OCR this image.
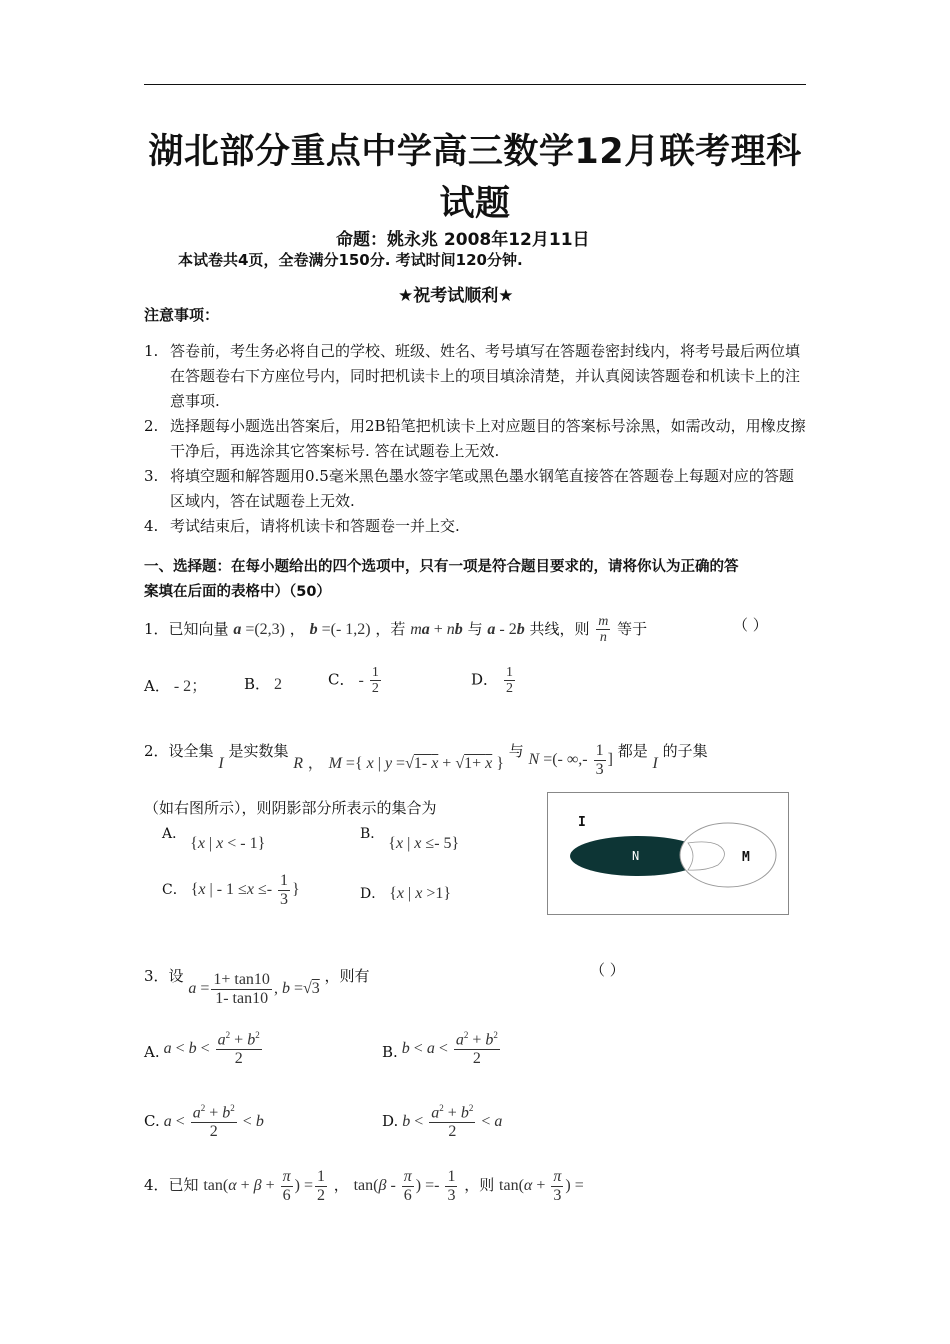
湖北部分重点中学高三数学12月联考理科
试题
命题：姚永兆 2008年12月11日
本试卷共4页，全卷满分150分. 考试时间120分钟.
★祝考试顺利★
注意事项：
1. 答卷前，考生务必将自己的学校、班级、姓名、考号填写在答题卷密封线内，将考号最后两位填在答题卷右下方座位号内，同时把机读卡上的项目填涂清楚，并认真阅读答题卷和机读卡上的注意事项.
2. 选择题每小题选出答案后，用2B铅笔把机读卡上对应题目的答案标号涂黑，如需改动，用橡皮擦干净后，再选涂其它答案标号. 答在试题卷上无效.
3. 将填空题和解答题用0.5毫米黑色墨水签字笔或黑色墨水钢笔直接答在答题卷上每题对应的答题区域内，答在试题卷上无效.
4. 考试结束后，请将机读卡和答题卷一并上交.
一、选择题：在每小题给出的四个选项中，只有一项是符合题目要求的，请将你认为正确的答
案填在后面的表格中）（50）
1．已知向量 a =(2,3) ， b =(- 1,2) ，若 ma + nb 与 a - 2b 共线，则 $\frac{m}{n}$ 等于	（ ）
A． - 2； B． 2	C． - $\frac{1}{2}$	D． $\frac{1}{2}$
2．设全集 I 是实数集 R ， M ={ x | y =√1- x + √1+ x } 与 N =(- ∞,- $\frac{1}{3}$ ] 都是 I 的子集
（如右图所示），则阴影部分所表示的集合为
A． {x | x < - 1}
B． {x | x ≤- 5}
C． {x | - $1 \le x \le- \frac{1}{3}$ }	D． {x | x >1}
I
N	M
3．设 $a = \frac{1+ \tan 10}{1- \tan 10}$ , b =√3 ，则有	（ ）
A. $a < b < \frac{a^2 + b^2}{2}$	B. $b < a < \frac{a^2 + b^2}{2}$
C. $a < \frac{a^2 + b^2}{2} < b$	D. $b < \frac{a^2 + b^2}{2} < a$
4．已知 $\tan(\alpha + \beta + \frac{\pi}{6}$ ) = $\frac{1}{2}$ ， $\tan(\beta - \frac{\pi}{6}$ ) =- $\frac{1}{3}$ ，则 $\tan(\alpha + \frac{\pi}{3}$ ) =
